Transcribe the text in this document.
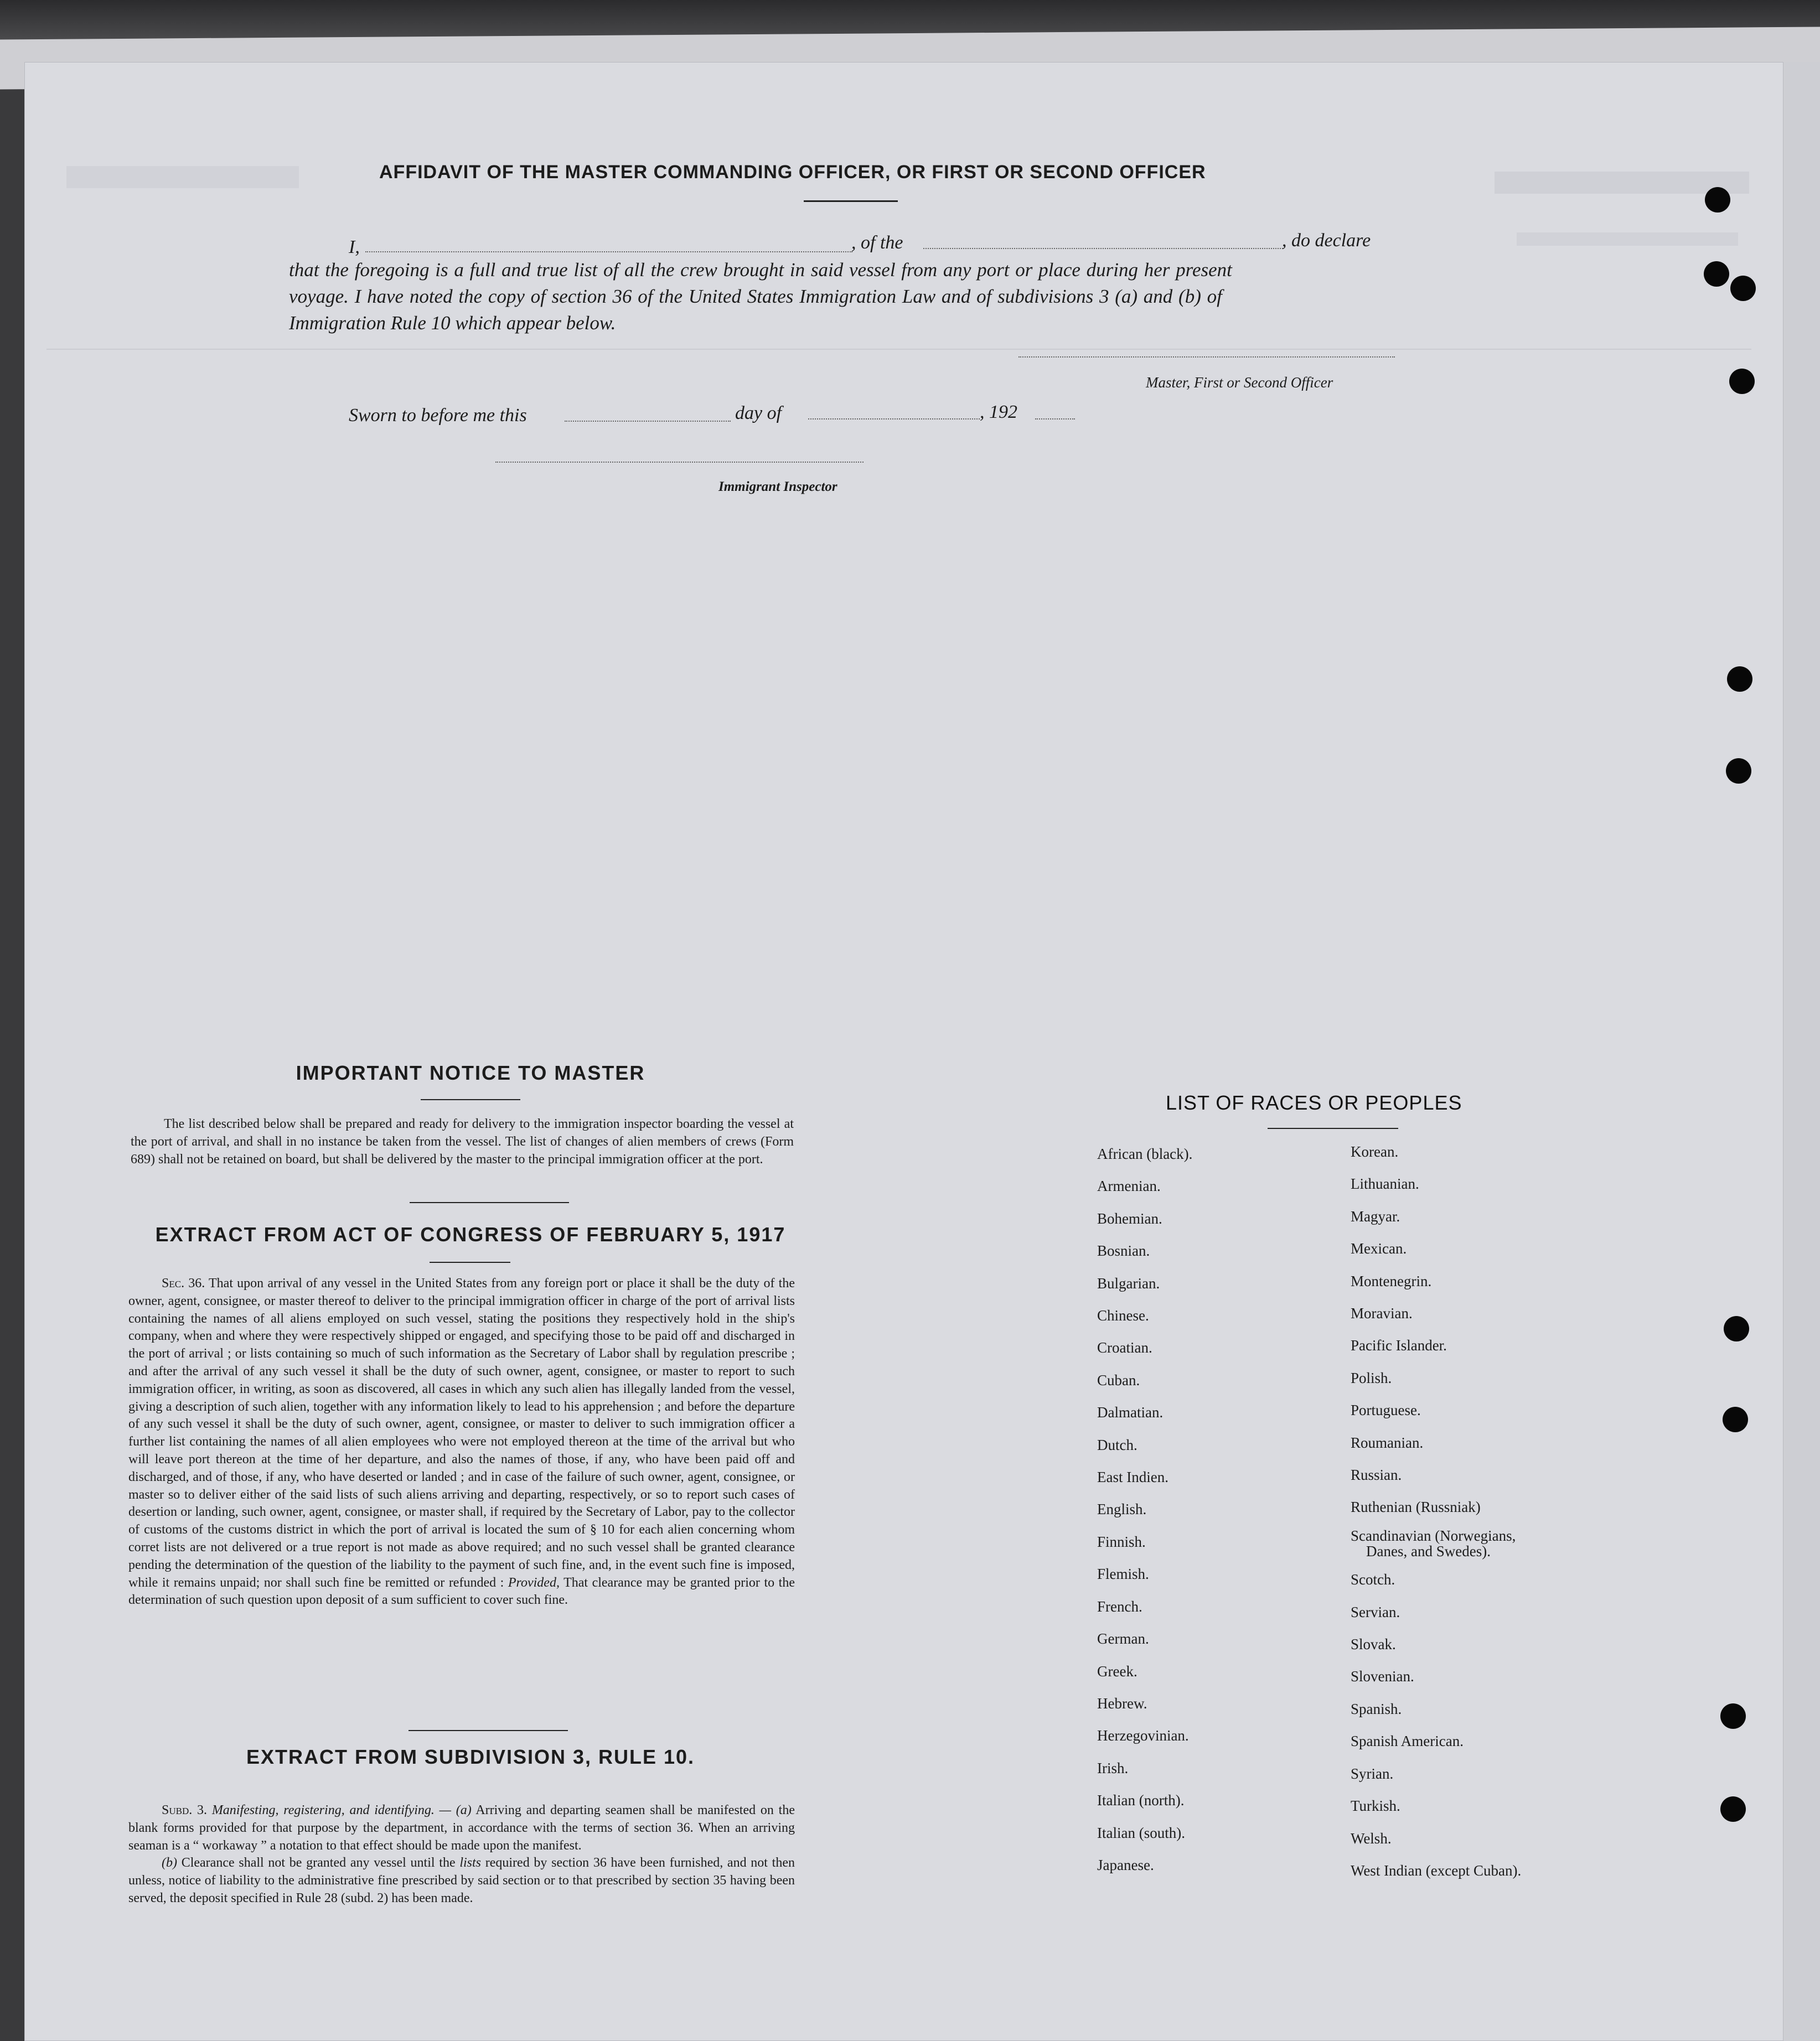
AFFIDAVIT OF THE MASTER COMMANDING OFFICER, OR FIRST OR SECOND OFFICER
I,	, of the	, do declare
that the foregoing is a full and true list of all the crew brought in said vessel from any port or place during her present
voyage. I have noted the copy of section 36 of the United States Immigration Law and of subdivisions 3 (a) and (b) of
Immigration Rule 10 which appear below.
Master, First or Second Officer
Sworn to before me this	day of	, 192
Immigrant Inspector
IMPORTANT NOTICE TO MASTER

The list described below shall be prepared and ready for delivery to the immigration inspector boarding the vessel at the port of arrival, and shall in no instance be taken from the vessel. The list of changes of alien members of crews (Form 689) shall not be retained on board, but shall be delivered by the master to the principal immigration officer at the port.

EXTRACT FROM ACT OF CONGRESS OF FEBRUARY 5, 1917

Sec. 36. That upon arrival of any vessel in the United States from any foreign port or place it shall be the duty of the owner, agent, consignee, or master thereof to deliver to the principal immigration officer in charge of the port of arrival lists containing the names of all aliens employed on such vessel, stating the positions they respectively hold in the ship's company, when and where they were respectively shipped or engaged, and specifying those to be paid off and discharged in the port of arrival ; or lists containing so much of such information as the Secretary of Labor shall by regulation prescribe ; and after the arrival of any such vessel it shall be the duty of such owner, agent, consignee, or master to report to such immigration officer, in writing, as soon as discovered, all cases in which any such alien has illegally landed from the vessel, giving a description of such alien, together with any information likely to lead to his apprehension ; and before the departure of any such vessel it shall be the duty of such owner, agent, consignee, or master to deliver to such immigration officer a further list containing the names of all alien employees who were not employed thereon at the time of the arrival but who will leave port thereon at the time of her departure, and also the names of those, if any, who have been paid off and discharged, and of those, if any, who have deserted or landed ; and in case of the failure of such owner, agent, consignee, or master so to deliver either of the said lists of such aliens arriving and departing, respectively, or so to report such cases of desertion or landing, such owner, agent, consignee, or master shall, if required by the Secretary of Labor, pay to the collector of customs of the customs district in which the port of arrival is located the sum of § 10 for each alien concerning whom corret lists are not delivered or a true report is not made as above required; and no such vessel shall be granted clearance pending the determination of the question of the liability to the payment of such fine, and, in the event such fine is imposed, while it remains unpaid; nor shall such fine be remitted or refunded : Provided, That clearance may be granted prior to the determination of such question upon deposit of a sum sufficient to cover such fine.

EXTRACT FROM SUBDIVISION 3, RULE 10.

Subd. 3. Manifesting, registering, and identifying. — (a) Arriving and departing seamen shall be manifested on the blank forms provided for that purpose by the department, in accordance with the terms of section 36. When an arriving seaman is a “ workaway ” a notation to that effect should be made upon the manifest.

(b) Clearance shall not be granted any vessel until the lists required by section 36 have been furnished, and not then unless, notice of liability to the administrative fine prescribed by said section or to that prescribed by section 35 having been served, the deposit specified in Rule 28 (subd. 2) has been made.

LIST OF RACES OR PEOPLES
African (black).
Armenian.
Bohemian.
Bosnian.
Bulgarian.
Chinese.
Croatian.
Cuban.
Dalmatian.
Dutch.
East Indien.
English.
Finnish.
Flemish.
French.
German.
Greek.
Hebrew.
Herzegovinian.
Irish.
Italian (north).
Italian (south).
Japanese.
Korean.
Lithuanian.
Magyar.
Mexican.
Montenegrin.
Moravian.
Pacific Islander.
Polish.
Portuguese.
Roumanian.
Russian.
Ruthenian (Russniak)
Scandinavian (Norwegians,
Danes, and Swedes).
Scotch.
Servian.
Slovak.
Slovenian.
Spanish.
Spanish American.
Syrian.
Turkish.
Welsh.
West Indian (except Cuban).
